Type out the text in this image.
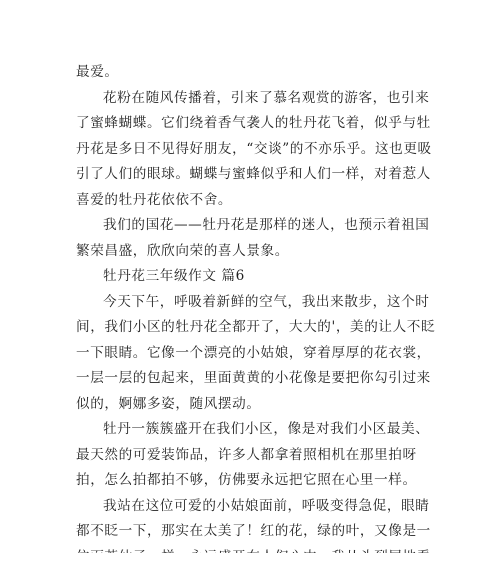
最爱。
花粉在随风传播着，引来了慕名观赏的游客，也引来
了蜜蜂蝴蝶。它们绕着香气袭人的牡丹花飞着，似乎与牡
丹花是多日不见得好朋友，“交谈”的不亦乐乎。这也更吸
引了人们的眼球。蝴蝶与蜜蜂似乎和人们一样，对着惹人
喜爱的牡丹花依依不舍。
我们的国花——牡丹花是那样的迷人，也预示着祖国
繁荣昌盛，欣欣向荣的喜人景象。
牡丹花三年级作文 篇6
今天下午，呼吸着新鲜的空气，我出来散步，这个时
间，我们小区的牡丹花全都开了，大大的'，美的让人不眨
一下眼睛。它像一个漂亮的小姑娘，穿着厚厚的花衣裳，
一层一层的包起来，里面黄黄的小花像是要把你勾引过来
似的，婀娜多姿，随风摆动。
牡丹一簇簇盛开在我们小区，像是对我们小区最美、
最天然的可爱装饰品，许多人都拿着照相机在那里拍呀
拍，怎么拍都拍不够，仿佛要永远把它照在心里一样。
我站在这位可爱的小姑娘面前，呼吸变得急促，眼睛
都不眨一下，那实在太美了！红的花，绿的叶，又像是一
